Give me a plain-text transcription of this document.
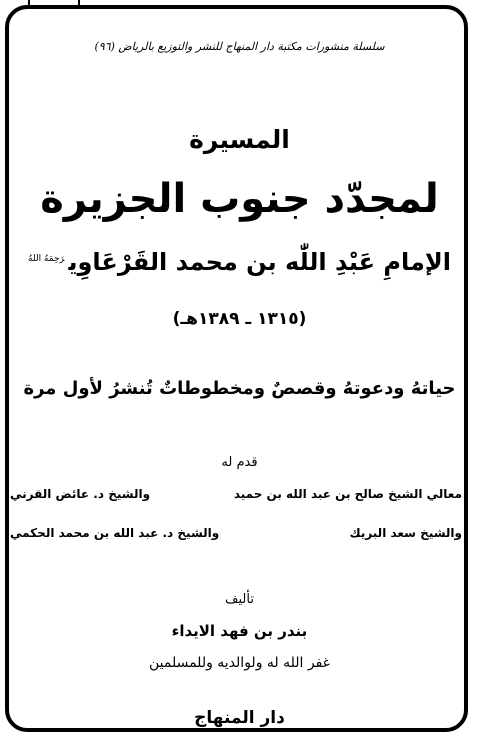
سلسلة منشورات مكتبة دار المنهاج للنشر والتوزيع بالرياض (٩٦)
المسيرة
لمجدّد جنوب الجزيرة
الإمامِ عَبْدِ اللّٰه بن محمد القَرْعَاوِي$^{رَحِمَهُ اللهُ}$
(١٣١٥ ـ ١٣٨٩هـ)
حياتهُ ودعوتهُ وقصصٌ ومخطوطاتٌ تُنشرُ لأول مرة
قدم له
معالي الشيخ صالح بن عبد الله بن حميد
والشيخ د. عائض القرني
والشيخ سعد البريك
والشيخ د. عبد الله بن محمد الحكمي
تأليف
بندر بن فهد الايداء
غفر الله له ولوالديه وللمسلمين
دار المنهاج
